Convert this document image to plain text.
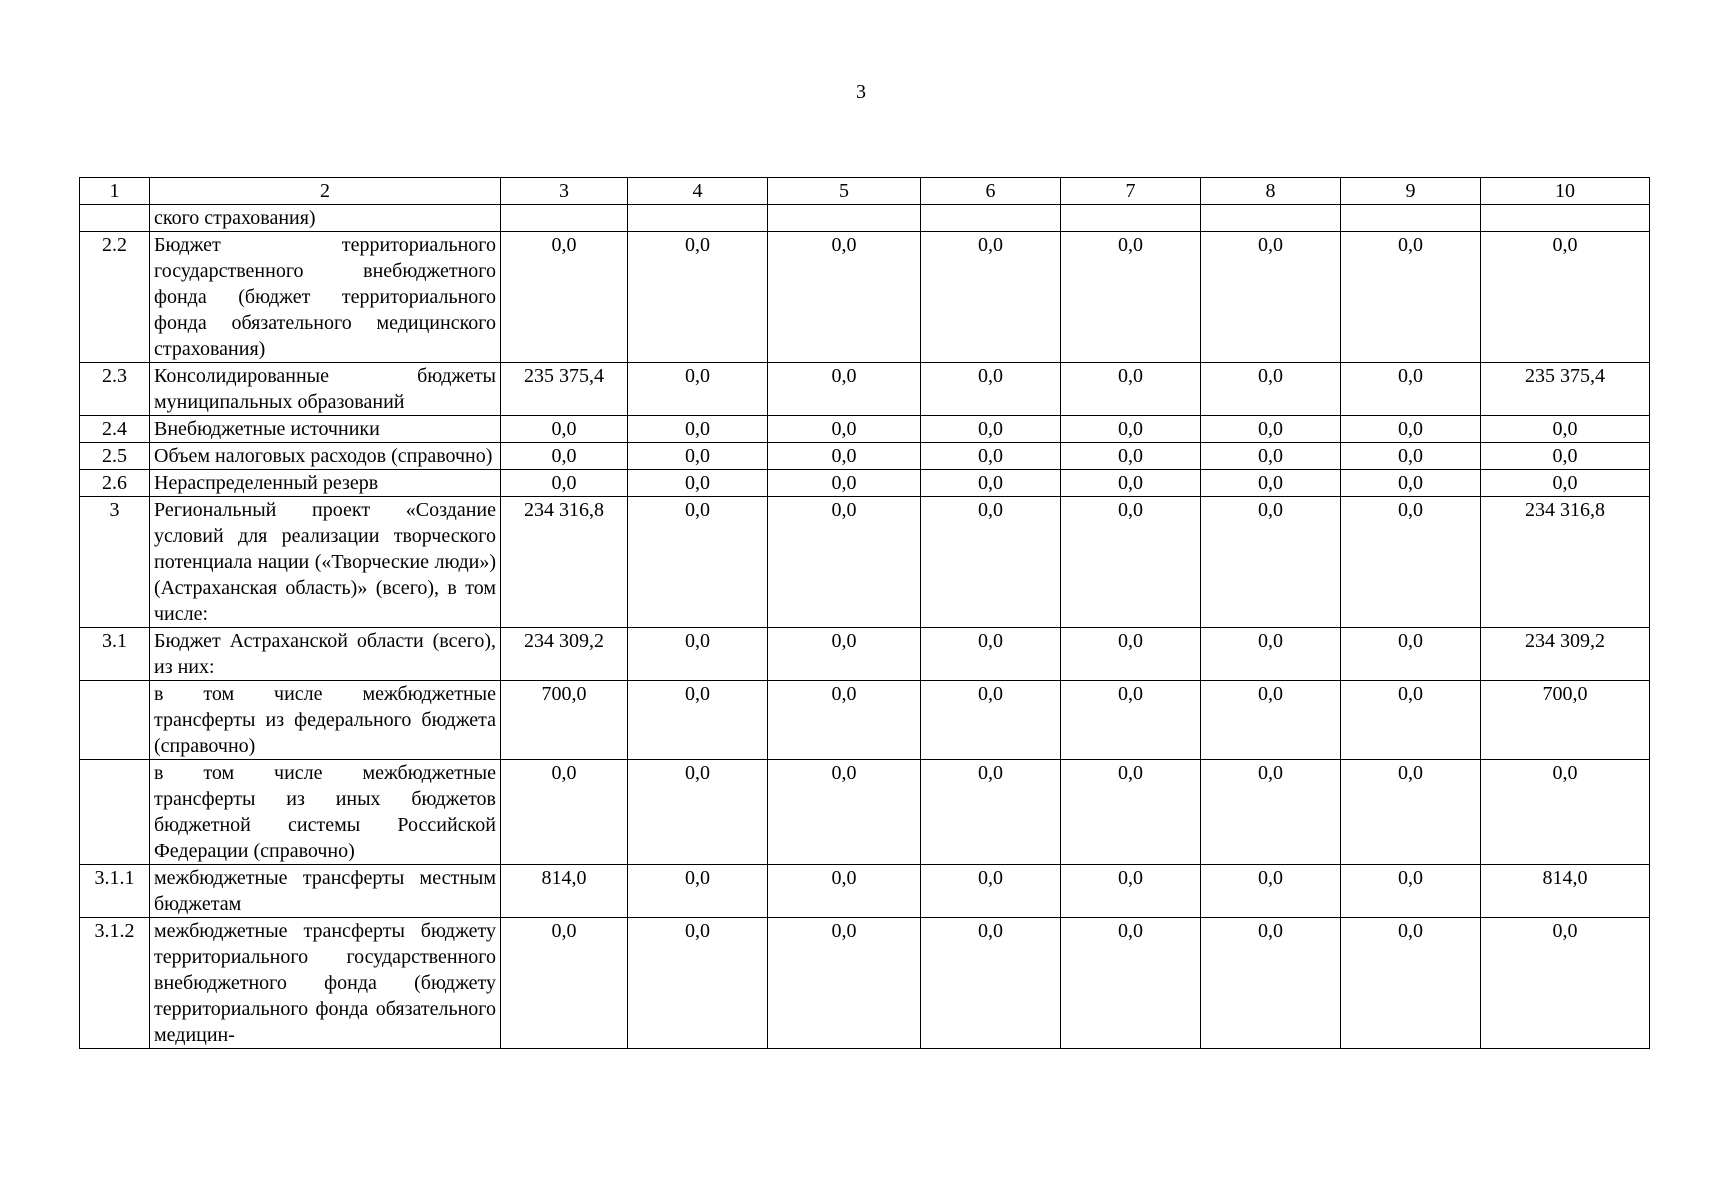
3
1	2	3	4	5	6	7	8	9	10
	ского страхования)								
2.2	Бюджет территориального государственного внебюджетного фонда (бюджет территориального фонда обязательного медицинского страхования)	0,0	0,0	0,0	0,0	0,0	0,0	0,0	0,0
2.3	Консолидированные бюджеты муниципальных образований	235 375,4	0,0	0,0	0,0	0,0	0,0	0,0	235 375,4
2.4	Внебюджетные источники	0,0	0,0	0,0	0,0	0,0	0,0	0,0	0,0
2.5	Объем налоговых расходов (справочно)	0,0	0,0	0,0	0,0	0,0	0,0	0,0	0,0
2.6	Нераспределенный резерв	0,0	0,0	0,0	0,0	0,0	0,0	0,0	0,0
3	Региональный проект «Создание условий для реализации творческого потенциала нации («Творческие люди») (Астраханская область)» (всего), в том числе:	234 316,8	0,0	0,0	0,0	0,0	0,0	0,0	234 316,8
3.1	Бюджет Астраханской области (всего), из них:	234 309,2	0,0	0,0	0,0	0,0	0,0	0,0	234 309,2
	в том числе межбюджетные трансферты из федерального бюджета (справочно)	700,0	0,0	0,0	0,0	0,0	0,0	0,0	700,0
	в том числе межбюджетные трансферты из иных бюджетов бюджетной системы Российской Федерации (справочно)	0,0	0,0	0,0	0,0	0,0	0,0	0,0	0,0
3.1.1	межбюджетные трансферты местным бюджетам	814,0	0,0	0,0	0,0	0,0	0,0	0,0	814,0
3.1.2	межбюджетные трансферты бюджету территориального государственного внебюджетного фонда (бюджету территориального фонда обязательного медицин-	0,0	0,0	0,0	0,0	0,0	0,0	0,0	0,0
